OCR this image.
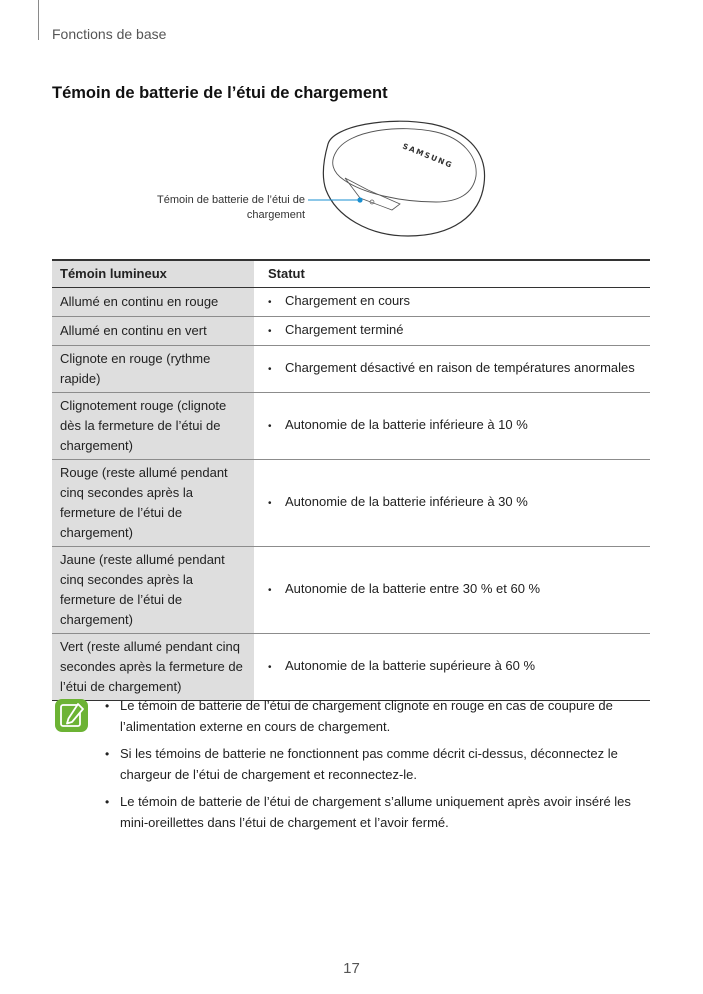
Fonctions de base
Témoin de batterie de l’étui de chargement
SAMSUNG
Témoin de batterie de l’étui de chargement
Témoin lumineux	Statut
Allumé en continu en rouge	• Chargement en cours
Allumé en continu en vert	• Chargement terminé
Clignote en rouge (rythme rapide)	• Chargement désactivé en raison de températures anormales
Clignotement rouge (clignote dès la fermeture de l’étui de chargement)	• Autonomie de la batterie inférieure à 10 %
Rouge (reste allumé pendant cinq secondes après la fermeture de l’étui de chargement)	• Autonomie de la batterie inférieure à 30 %
Jaune (reste allumé pendant cinq secondes après la fermeture de l’étui de chargement)	• Autonomie de la batterie entre 30 % et 60 %
Vert (reste allumé pendant cinq secondes après la fermeture de l’étui de chargement)	• Autonomie de la batterie supérieure à 60 %
• Le témoin de batterie de l’étui de chargement clignote en rouge en cas de coupure de l’alimentation externe en cours de chargement.
• Si les témoins de batterie ne fonctionnent pas comme décrit ci-dessus, déconnectez le chargeur de l’étui de chargement et reconnectez-le.
• Le témoin de batterie de l’étui de chargement s’allume uniquement après avoir inséré les mini-oreillettes dans l’étui de chargement et l’avoir fermé.
17
